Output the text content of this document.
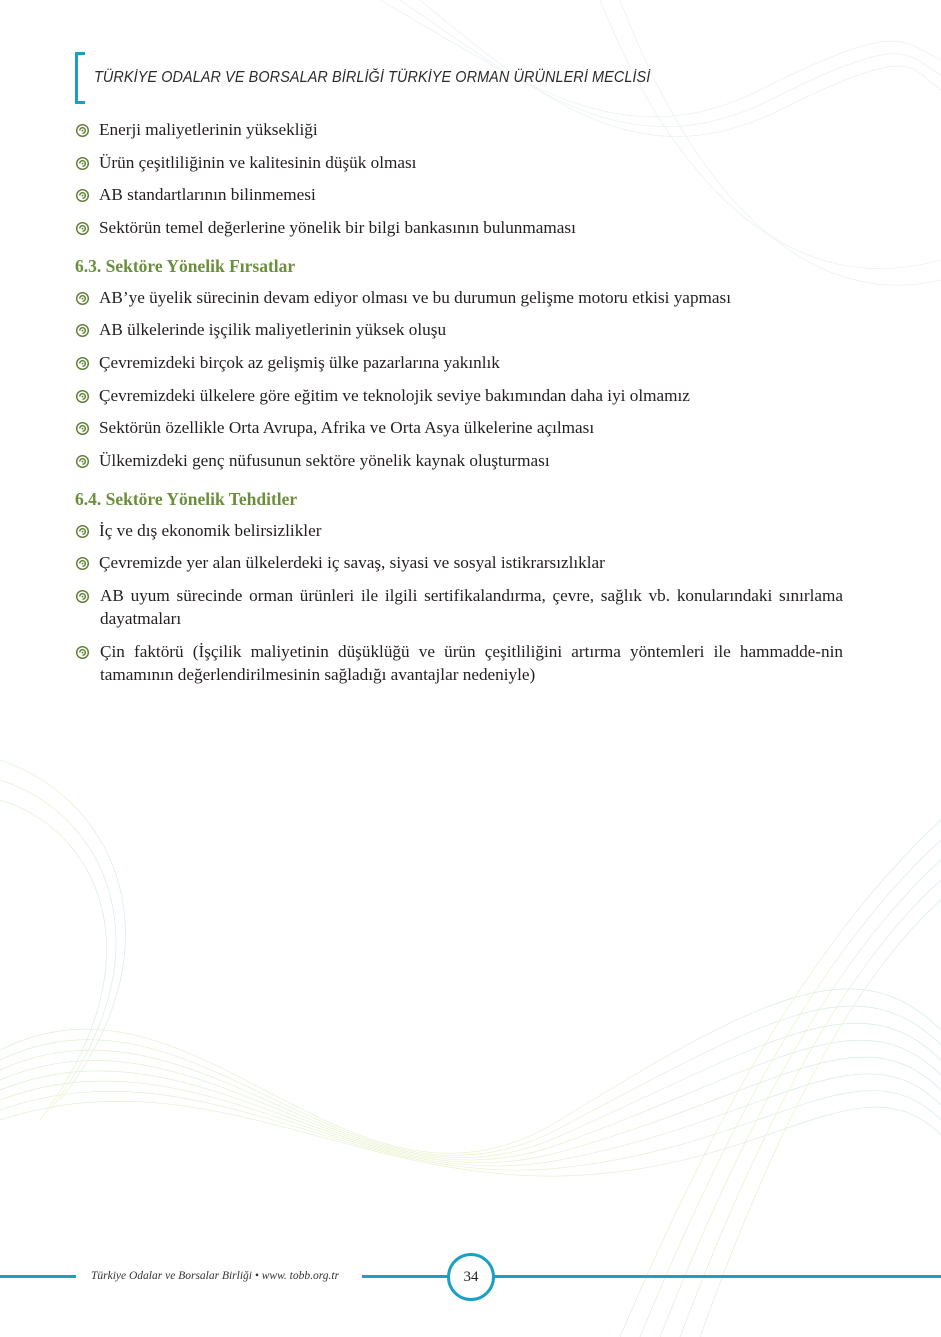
TÜRKİYE ODALAR VE BORSALAR BİRLİĞİ TÜRKİYE ORMAN ÜRÜNLERİ MECLİSİ
Enerji maliyetlerinin yüksekliği
Ürün çeşitliliğinin ve kalitesinin düşük olması
AB standartlarının bilinmemesi
Sektörün temel değerlerine yönelik bir bilgi bankasının bulunmaması
6.3. Sektöre Yönelik Fırsatlar
AB’ye üyelik sürecinin devam ediyor olması ve bu durumun gelişme motoru etkisi yapması
AB ülkelerinde işçilik maliyetlerinin yüksek oluşu
Çevremizdeki birçok az gelişmiş ülke pazarlarına yakınlık
Çevremizdeki ülkelere göre eğitim ve teknolojik seviye bakımından daha iyi olmamız
Sektörün özellikle Orta Avrupa, Afrika ve Orta Asya ülkelerine açılması
Ülkemizdeki genç nüfusunun sektöre yönelik kaynak oluşturması
6.4. Sektöre Yönelik Tehditler
İç ve dış ekonomik belirsizlikler
Çevremizde yer alan ülkelerdeki iç savaş, siyasi ve sosyal istikrarsızlıklar
AB uyum sürecinde orman ürünleri ile ilgili sertifikalandırma, çevre, sağlık vb. konularındaki sınırlama dayatmaları
Çin faktörü (İşçilik maliyetinin düşüklüğü ve ürün çeşitliliğini artırma yöntemleri ile hammadde-nin tamamının değerlendirilmesinin sağladığı avantajlar nedeniyle)
Türkiye Odalar ve Borsalar Birliği • www. tobb.org.tr	34
